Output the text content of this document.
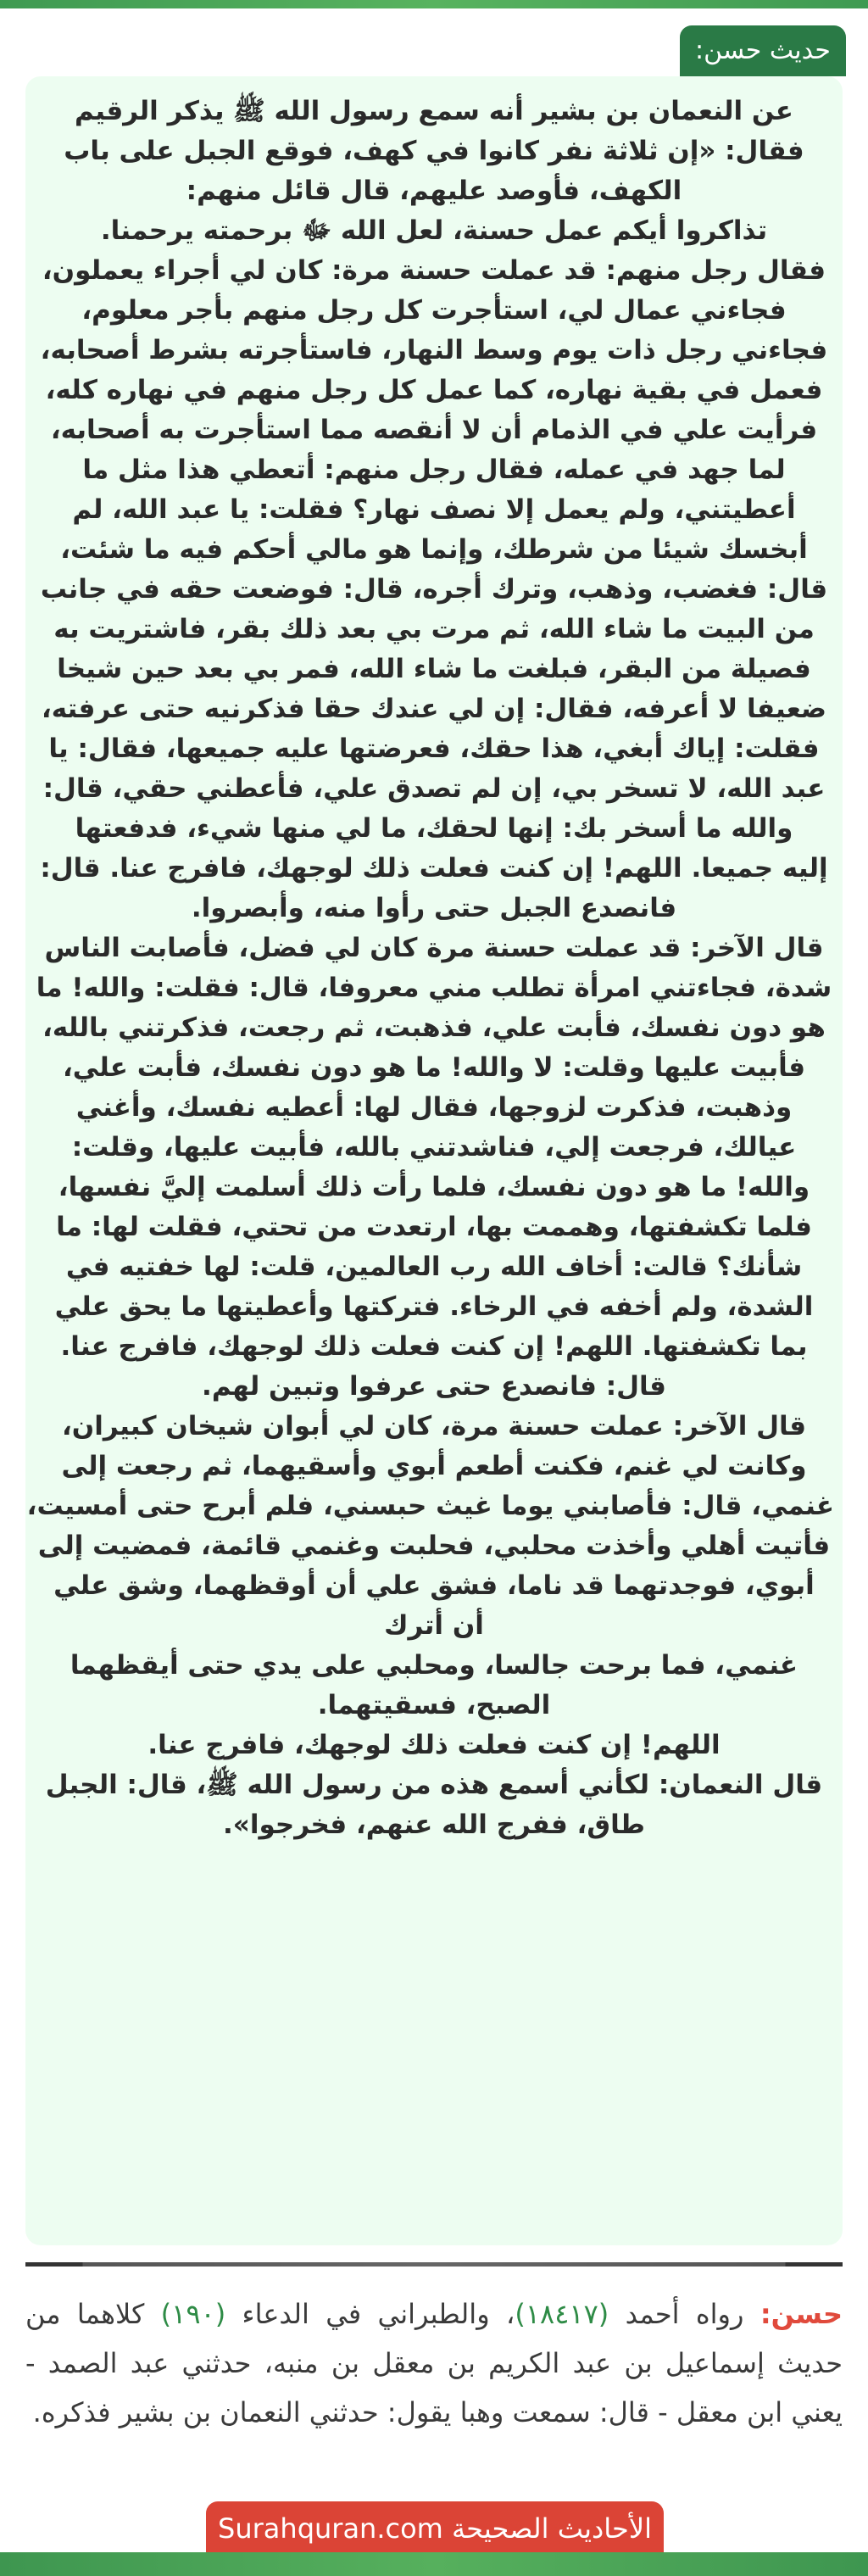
حديث حسن:
عن النعمان بن بشير أنه سمع رسول الله ﷺ يذكر الرقيم
فقال: «إن ثلاثة نفر كانوا في كهف، فوقع الجبل على باب
الكهف، فأوصد عليهم، قال قائل منهم:
تذاكروا أيكم عمل حسنة، لعل الله ﷻ برحمته يرحمنا.
فقال رجل منهم: قد عملت حسنة مرة: كان لي أجراء يعملون،
فجاءني عمال لي، استأجرت كل رجل منهم بأجر معلوم،
فجاءني رجل ذات يوم وسط النهار، فاستأجرته بشرط أصحابه،
فعمل في بقية نهاره، كما عمل كل رجل منهم في نهاره كله،
فرأيت علي في الذمام أن لا أنقصه مما استأجرت به أصحابه،
لما جهد في عمله، فقال رجل منهم: أتعطي هذا مثل ما
أعطيتني، ولم يعمل إلا نصف نهار؟ فقلت: يا عبد الله، لم
أبخسك شيئا من شرطك، وإنما هو مالي أحكم فيه ما شئت،
قال: فغضب، وذهب، وترك أجره، قال: فوضعت حقه في جانب
من البيت ما شاء الله، ثم مرت بي بعد ذلك بقر، فاشتريت به
فصيلة من البقر، فبلغت ما شاء الله، فمر بي بعد حين شيخا
ضعيفا لا أعرفه، فقال: إن لي عندك حقا فذكرنيه حتى عرفته،
فقلت: إياك أبغي، هذا حقك، فعرضتها عليه جميعها، فقال: يا
عبد الله، لا تسخر بي، إن لم تصدق علي، فأعطني حقي، قال:
والله ما أسخر بك: إنها لحقك، ما لي منها شيء، فدفعتها
إليه جميعا. اللهم! إن كنت فعلت ذلك لوجهك، فافرج عنا. قال:
فانصدع الجبل حتى رأوا منه، وأبصروا.
قال الآخر: قد عملت حسنة مرة كان لي فضل، فأصابت الناس
شدة، فجاءتني امرأة تطلب مني معروفا، قال: فقلت: والله! ما
هو دون نفسك، فأبت علي، فذهبت، ثم رجعت، فذكرتني بالله،
فأبيت عليها وقلت: لا والله! ما هو دون نفسك، فأبت علي،
وذهبت، فذكرت لزوجها، فقال لها: أعطيه نفسك، وأغني
عيالك، فرجعت إلي، فناشدتني بالله، فأبيت عليها، وقلت:
والله! ما هو دون نفسك، فلما رأت ذلك أسلمت إليَّ نفسها،
فلما تكشفتها، وهممت بها، ارتعدت من تحتي، فقلت لها: ما
شأنك؟ قالت: أخاف الله رب العالمين، قلت: لها خفتيه في
الشدة، ولم أخفه في الرخاء. فتركتها وأعطيتها ما يحق علي
بما تكشفتها. اللهم! إن كنت فعلت ذلك لوجهك، فافرج عنا.
قال: فانصدع حتى عرفوا وتبين لهم.
قال الآخر: عملت حسنة مرة، كان لي أبوان شيخان كبيران،
وكانت لي غنم، فكنت أطعم أبوي وأسقيهما، ثم رجعت إلى
غنمي، قال: فأصابني يوما غيث حبسني، فلم أبرح حتى أمسيت،
فأتيت أهلي وأخذت محلبي، فحلبت وغنمي قائمة، فمضيت إلى
أبوي، فوجدتهما قد ناما، فشق علي أن أوقظهما، وشق علي
أن أترك
غنمي، فما برحت جالسا، ومحلبي على يدي حتى أيقظهما
الصبح، فسقيتهما.
اللهم! إن كنت فعلت ذلك لوجهك، فافرج عنا.
قال النعمان: لكأني أسمع هذه من رسول الله ﷺ، قال: الجبل
طاق، ففرج الله عنهم، فخرجوا».
حسن: رواه أحمد (١٨٤١٧)، والطبراني في الدعاء (١٩٠) كلاهما من حديث إسماعيل بن عبد الكريم بن معقل بن منبه، حدثني عبد الصمد - يعني ابن معقل - قال: سمعت وهبا يقول: حدثني النعمان بن بشير فذكره.
الأحاديث الصحيحة Surahquran.com
